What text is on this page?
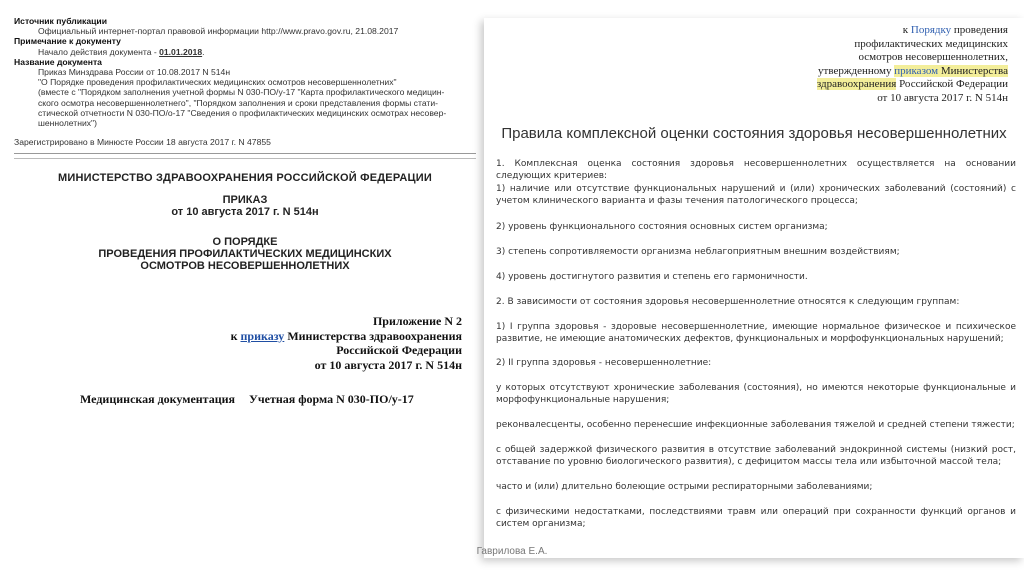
Источник публикации
Официальный интернет-портал правовой информации http://www.pravo.gov.ru, 21.08.2017
Примечание к документу
Начало действия документа - 01.01.2018.
Название документа
Приказ Минздрава России от 10.08.2017 N 514н
"О Порядке проведения профилактических медицинских осмотров несовершеннолетних"
(вместе с "Порядком заполнения учетной формы N 030-ПО/у-17 "Карта профилактического медицин-
ского осмотра несовершеннолетнего", "Порядком заполнения и сроки представления формы стати-
стической отчетности N 030-ПО/о-17 "Сведения о профилактических медицинских осмотрах несовер-
шеннолетних")
Зарегистрировано в Минюсте России 18 августа 2017 г. N 47855
МИНИСТЕРСТВО ЗДРАВООХРАНЕНИЯ РОССИЙСКОЙ ФЕДЕРАЦИИ
ПРИКАЗ
от 10 августа 2017 г. N 514н
О ПОРЯДКЕ
ПРОВЕДЕНИЯ ПРОФИЛАКТИЧЕСКИХ МЕДИЦИНСКИХ
ОСМОТРОВ НЕСОВЕРШЕННОЛЕТНИХ
Приложение N 2
к приказу Министерства здравоохранения
Российской Федерации
от 10 августа 2017 г. N 514н
Медицинская документация Учетная форма N 030-ПО/у-17
к Порядку проведения
профилактических медицинских
осмотров несовершеннолетних,
утвержденному приказом Министерства
здравоохранения Российской Федерации
от 10 августа 2017 г. N 514н
Правила комплексной оценки состояния здоровья несовершеннолетних
1. Комплексная оценка состояния здоровья несовершеннолетних осуществляется на основании следующих критериев:
1) наличие или отсутствие функциональных нарушений и (или) хронических заболеваний (состояний) с учетом клинического варианта и фазы течения патологического процесса;
2) уровень функционального состояния основных систем организма;
3) степень сопротивляемости организма неблагоприятным внешним воздействиям;
4) уровень достигнутого развития и степень его гармоничности.
2. В зависимости от состояния здоровья несовершеннолетние относятся к следующим группам:
1) I группа здоровья - здоровые несовершеннолетние, имеющие нормальное физическое и психическое развитие, не имеющие анатомических дефектов, функциональных и морфофункциональных нарушений;
2) II группа здоровья - несовершеннолетние:
у которых отсутствуют хронические заболевания (состояния), но имеются некоторые функциональные и морфофункциональные нарушения;
реконвалесценты, особенно перенесшие инфекционные заболевания тяжелой и средней степени тяжести;
с общей задержкой физического развития в отсутствие заболеваний эндокринной системы (низкий рост, отставание по уровню биологического развития), с дефицитом массы тела или избыточной массой тела;
часто и (или) длительно болеющие острыми респираторными заболеваниями;
с физическими недостатками, последствиями травм или операций при сохранности функций органов и систем организма;
Гаврилова Е.А.
